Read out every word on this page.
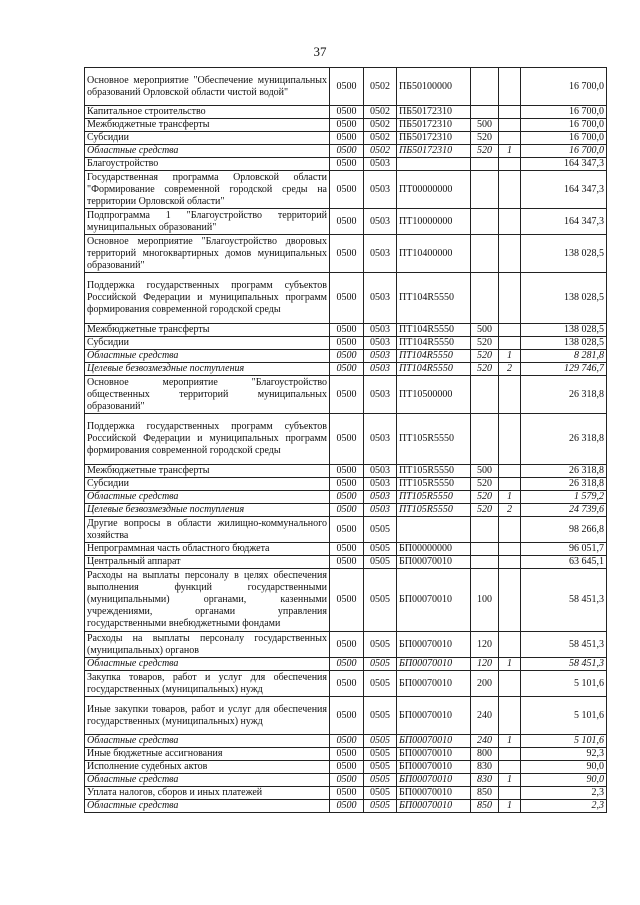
37
Основное мероприятие "Обеспечение муниципальных образований Орловской области чистой водой"	0500	0502	ПБ50100000			16 700,0
Капитальное строительство	0500	0502	ПБ50172310			16 700,0
Межбюджетные трансферты	0500	0502	ПБ50172310	500		16 700,0
Субсидии	0500	0502	ПБ50172310	520		16 700,0
Областные средства	0500	0502	ПБ50172310	520	1	16 700,0
Благоустройство	0500	0503				164 347,3
Государственная программа Орловской области "Формирование современной городской среды на территории Орловской области"	0500	0503	ПТ00000000			164 347,3
Подпрограмма 1 "Благоустройство территорий муниципальных образований"	0500	0503	ПТ10000000			164 347,3
Основное мероприятие "Благоустройство дворовых территорий многоквартирных домов муниципальных образований"	0500	0503	ПТ10400000			138 028,5
Поддержка государственных программ субъектов Российской Федерации и муниципальных программ формирования современной городской среды	0500	0503	ПТ104R5550			138 028,5
Межбюджетные трансферты	0500	0503	ПТ104R5550	500		138 028,5
Субсидии	0500	0503	ПТ104R5550	520		138 028,5
Областные средства	0500	0503	ПТ104R5550	520	1	8 281,8
Целевые безвозмездные поступления	0500	0503	ПТ104R5550	520	2	129 746,7
Основное мероприятие "Благоустройство общественных территорий муниципальных образований"	0500	0503	ПТ10500000			26 318,8
Поддержка государственных программ субъектов Российской Федерации и муниципальных программ формирования современной городской среды	0500	0503	ПТ105R5550			26 318,8
Межбюджетные трансферты	0500	0503	ПТ105R5550	500		26 318,8
Субсидии	0500	0503	ПТ105R5550	520		26 318,8
Областные средства	0500	0503	ПТ105R5550	520	1	1 579,2
Целевые безвозмездные поступления	0500	0503	ПТ105R5550	520	2	24 739,6
Другие вопросы в области жилищно-коммунального хозяйства	0500	0505				98 266,8
Непрограммная часть областного бюджета	0500	0505	БП00000000			96 051,7
Центральный аппарат	0500	0505	БП00070010			63 645,1
Расходы на выплаты персоналу в целях обеспечения выполнения функций государственными (муниципальными) органами, казенными учреждениями, органами управления государственными внебюджетными фондами	0500	0505	БП00070010	100		58 451,3
Расходы на выплаты персоналу государственных (муниципальных) органов	0500	0505	БП00070010	120		58 451,3
Областные средства	0500	0505	БП00070010	120	1	58 451,3
Закупка товаров, работ и услуг для обеспечения государственных (муниципальных) нужд	0500	0505	БП00070010	200		5 101,6
Иные закупки товаров, работ и услуг для обеспечения государственных (муниципальных) нужд	0500	0505	БП00070010	240		5 101,6
Областные средства	0500	0505	БП00070010	240	1	5 101,6
Иные бюджетные ассигнования	0500	0505	БП00070010	800		92,3
Исполнение судебных актов	0500	0505	БП00070010	830		90,0
Областные средства	0500	0505	БП00070010	830	1	90,0
Уплата налогов, сборов и иных платежей	0500	0505	БП00070010	850		2,3
Областные средства	0500	0505	БП00070010	850	1	2,3
